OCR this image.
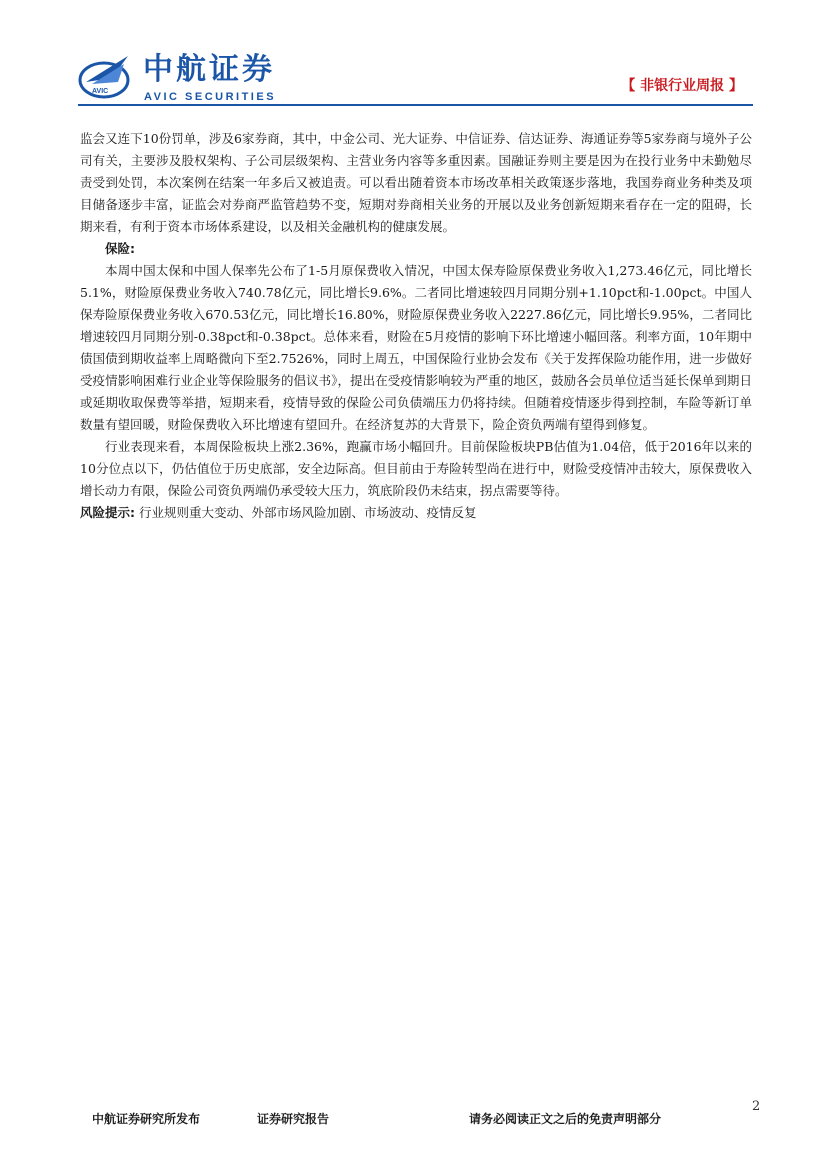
AVIC
中航证券
AVIC SECURITIES
【 非银行业周报 】

监会又连下10份罚单，涉及6家券商，其中，中金公司、光大证券、中信证券、信达证券、海通证券等5家券商与境外子公司有关，主要涉及股权架构、子公司层级架构、主营业务内容等多重因素。国融证券则主要是因为在投行业务中未勤勉尽责受到处罚，本次案例在结案一年多后又被追责。可以看出随着资本市场改革相关政策逐步落地，我国券商业务种类及项目储备逐步丰富，证监会对券商严监管趋势不变，短期对券商相关业务的开展以及业务创新短期来看存在一定的阻碍，长期来看，有利于资本市场体系建设，以及相关金融机构的健康发展。

保险:

本周中国太保和中国人保率先公布了1-5月原保费收入情况，中国太保寿险原保费业务收入1,273.46亿元，同比增长5.1%，财险原保费业务收入740.78亿元，同比增长9.6%。二者同比增速较四月同期分别+1.10pct和-1.00pct。中国人保寿险原保费业务收入670.53亿元，同比增长16.80%，财险原保费业务收入2227.86亿元，同比增长9.95%，二者同比增速较四月同期分别-0.38pct和-0.38pct。总体来看，财险在5月疫情的影响下环比增速小幅回落。利率方面，10年期中债国债到期收益率上周略微向下至2.7526%，同时上周五，中国保险行业协会发布《关于发挥保险功能作用，进一步做好受疫情影响困难行业企业等保险服务的倡议书》，提出在受疫情影响较为严重的地区，鼓励各会员单位适当延长保单到期日或延期收取保费等举措，短期来看，疫情导致的保险公司负债端压力仍将持续。但随着疫情逐步得到控制，车险等新订单数量有望回暖，财险保费收入环比增速有望回升。在经济复苏的大背景下，险企资负两端有望得到修复。

行业表现来看，本周保险板块上涨2.36%，跑赢市场小幅回升。目前保险板块PB估值为1.04倍，低于2016年以来的10分位点以下，仍估值位于历史底部，安全边际高。但目前由于寿险转型尚在进行中，财险受疫情冲击较大，原保费收入增长动力有限，保险公司资负两端仍承受较大压力，筑底阶段仍未结束，拐点需要等待。

风险提示: 行业规则重大变动、外部市场风险加剧、市场波动、疫情反复

2
中航证券研究所发布	证券研究报告	请务必阅读正文之后的免责声明部分
